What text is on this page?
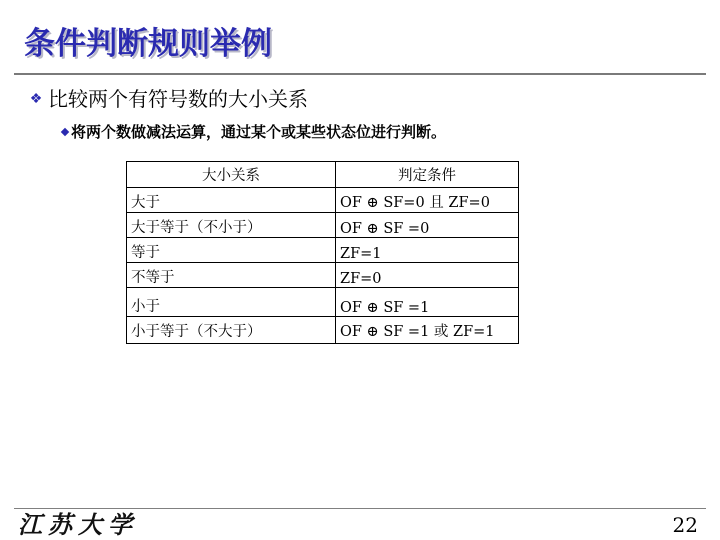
条件判断规则举例
❖ 比较两个有符号数的大小关系
将两个数做减法运算，通过某个或某些状态位进行判断。
大小关系	判定条件
大于	OF ⊕ SF=0 且 ZF=0
大于等于（不小于）	OF ⊕ SF =0
等于	ZF=1
不等于	ZF=0
小于	OF ⊕ SF =1
小于等于（不大于）	OF ⊕ SF =1 或 ZF=1
江苏大学	22
